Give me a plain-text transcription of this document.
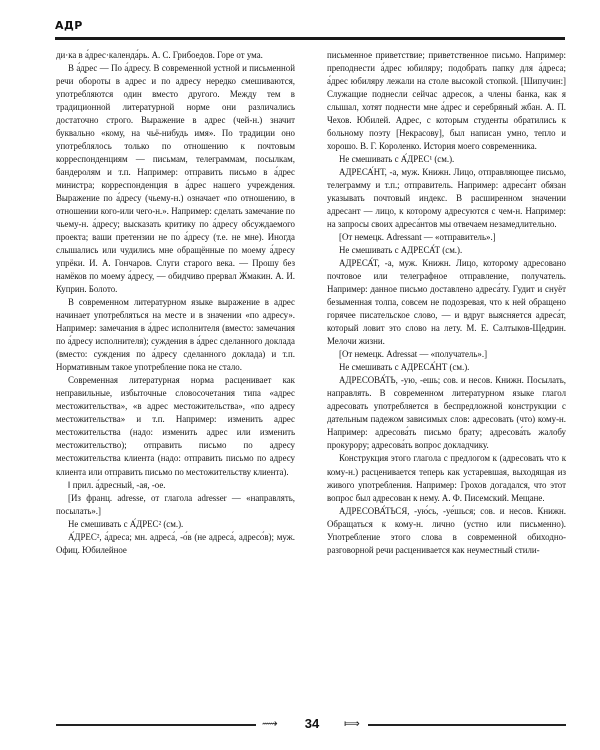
АДР

ди·ка в а́дрес·календа́рь. А. С. Грибоедов. Горе от ума.

В а́дрес — По а́дресу. В современной устной и письменной речи обороты в адрес и по адресу нередко смешиваются, употребляются один вместо другого. Между тем в традиционной литературной норме они различались достаточно строго. Выражение в адрес (чей-н.) значит буквально «кому, на чьё-нибудь имя». По традиции оно употреблялось только по отношению к почтовым корреспонденциям — письмам, телеграммам, посылкам, бандеролям и т.п. Например: отправить письмо в а́дрес министра; корреспонденция в а́дрес нашего учреждения. Выражение по а́дресу (чьему-н.) означает «по отношению, в отношении кого-или чего-н.». Например: сделать замечание по чьему-н. а́дресу; высказать критику по а́дресу обсуждаемого проекта; ваши претензии не по а́дресу (т.е. не мне). Иногда слышались или чудились мне обращённые по моему а́дресу упрёки. И. А. Гончаров. Слуги старого века. — Прошу без намёков по моему а́дресу, — обидчиво прервал Жмакин. А. И. Куприн. Болото.

В современном литературном языке выражение в адрес начинает употребляться на месте и в значении «по адресу». Например: замечания в а́дрес исполнителя (вместо: замечания по а́дресу исполнителя); суждения в а́дрес сделанного доклада (вместо: суждения по а́дресу сделанного доклада) и т.п. Нормативным такое употребление пока не стало.

Современная литературная норма расценивает как неправильные, избыточные словосочетания типа «адрес местожительства», «в адрес местожительства», «по адресу местожительства» и т.п. Например: изменить адрес местожительства (надо: изменить адрес или изменить местожительство); отправить письмо по адресу местожительства клиента (надо: отправить письмо по адресу клиента или отправить письмо по местожительству клиента).

‖ прил. а́дресный, -ая, -ое.

[Из франц. adresse, от глагола adresser — «направлять, посылать».]

Не смешивать с А́ДРЕС² (см.).

А́ДРЕС², а́дреса; мн. адреса́, -о́в (не адреса́, адресо́в); муж. Офиц. Юбилейное

письменное приветствие; приветственное письмо. Например: преподнести а́дрес юбиляру; подобрать папку для а́дреса; а́дрес юбиляру лежали на столе высокой стопкой. [Шипучин:] Служащие поднесли сейчас адресок, а члены банка, как я слышал, хотят поднести мне а́дрес и серебряный жбан. А. П. Чехов. Юбилей. Адрес, с которым студенты обратились к больному поэту [Некрасову], был написан умно, тепло и хорошо. В. Г. Короленко. История моего современника.

Не смешивать с А́ДРЕС¹ (см.).

АДРЕСА́НТ, -а, муж. Книжн. Лицо, отправляющее письмо, телеграмму и т.п.; отправитель. Например: адреса́нт обязан указывать почтовый индекс. В расширенном значении адресант — лицо, к которому адресуются с чем-н. Например: на запросы своих адреса́нтов мы отвечаем незамедлительно.

[От немецк. Adressant — «отправитель».]

Не смешивать с АДРЕСА́Т (см.).

АДРЕСА́Т, -а, муж. Книжн. Лицо, которому адресовано почтовое или телеграфное отправление, получатель. Например: данное письмо доставлено адреса́ту. Гудит и снуёт безыменная толпа, совсем не подозревая, что к ней обращено горячее писательское слово, — и вдруг выясняется адреса́т, который ловит это слово на лету. М. Е. Салтыков-Щедрин. Мелочи жизни.

[От немецк. Adressat — «получатель».]

Не смешивать с АДРЕСА́НТ (см.).

АДРЕСОВА́ТЬ, -ую, -ешь; сов. и несов. Книжн. Посылать, направлять. В современном литературном языке глагол адресовать употребляется в беспредложной конструкции с дательным падежом зависимых слов: адресовать (что) кому-н. Например: адресова́ть письмо брату; адресова́ть жалобу прокурору; адресова́ть вопрос докладчику.

Конструкция этого глагола с предлогом к (адресовать что к кому-н.) расценивается теперь как устаревшая, выходящая из живого употребления. Например: Грохов догадался, что этот вопрос был адресован к нему. А. Ф. Писемский. Мещане.

АДРЕСОВА́ТЬСЯ, -ую́сь, -уе́шься; сов. и несов. Книжн. Обращаться к кому-н. лично (устно или письменно). Употребление этого слова в современной обиходно-разговорной речи расценивается как неуместный стили-

⟿	34	⟾
